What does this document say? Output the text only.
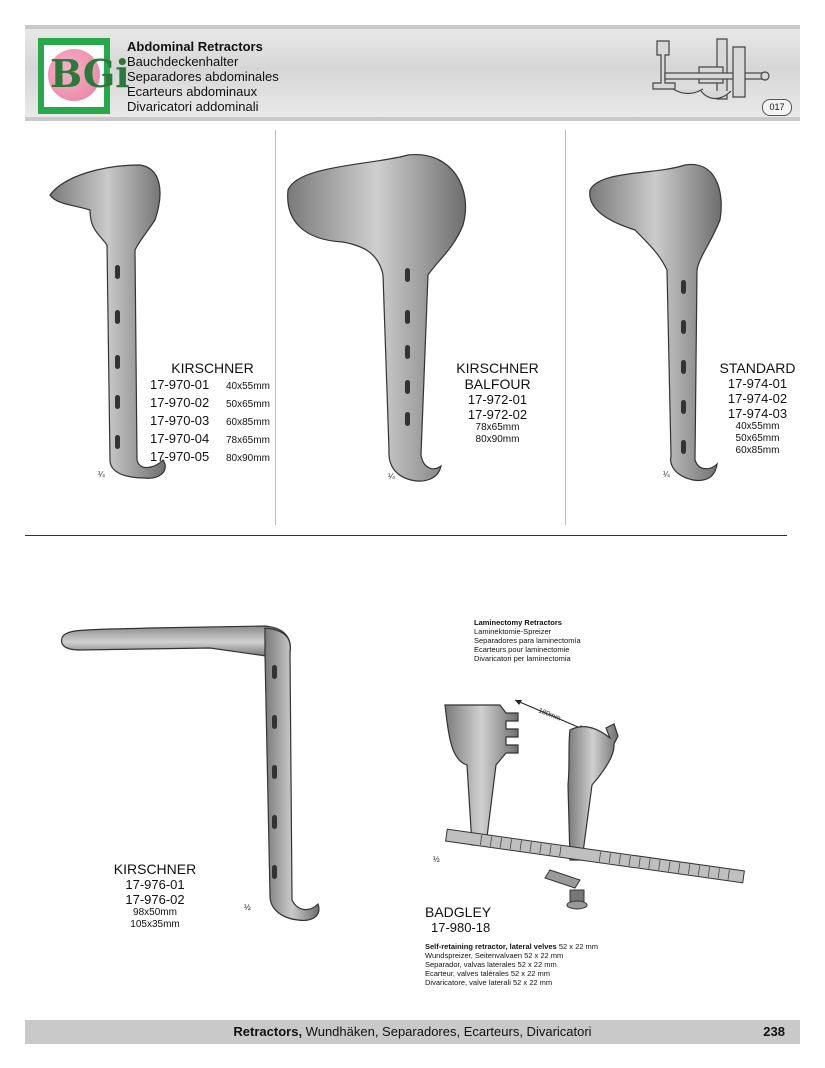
BGi
Abdominal Retractors
Bauchdeckenhalter
Separadores abdominales
Ecarteurs abdominaux
Divaricatori addominali	017
KIRSCHNER
17-970-01 40x55mm
17-970-02 50x65mm
17-970-03 60x85mm
17-970-04 78x65mm
17-970-05 80x90mm
¼
KIRSCHNER
BALFOUR
17-972-01
17-972-02
78x65mm
80x90mm
¼
STANDARD
17-974-01
17-974-02
17-974-03
40x55mm
50x65mm
60x85mm
¼
KIRSCHNER
17-976-01
17-976-02
98x50mm
105x35mm
½
Laminectomy Retractors
Laminektomie-Spreizer
Separadores para laminectomía
Ecarteurs pour laminectomie
Divaricatori per laminectomia
180mm
½
BADGLEY
17-980-18
Self-retaining retractor, lateral velves 52 x 22 mm
Wundspreizer, Seitenvalvaen 52 x 22 mm
Separador, valvas laterales 52 x 22 mm
Ecarteur, valves talérales 52 x 22 mm
Divaricatore, valve laterali 52 x 22 mm
Retractors, Wundhäken, Separadores, Ecarteurs, Divaricatori	238
